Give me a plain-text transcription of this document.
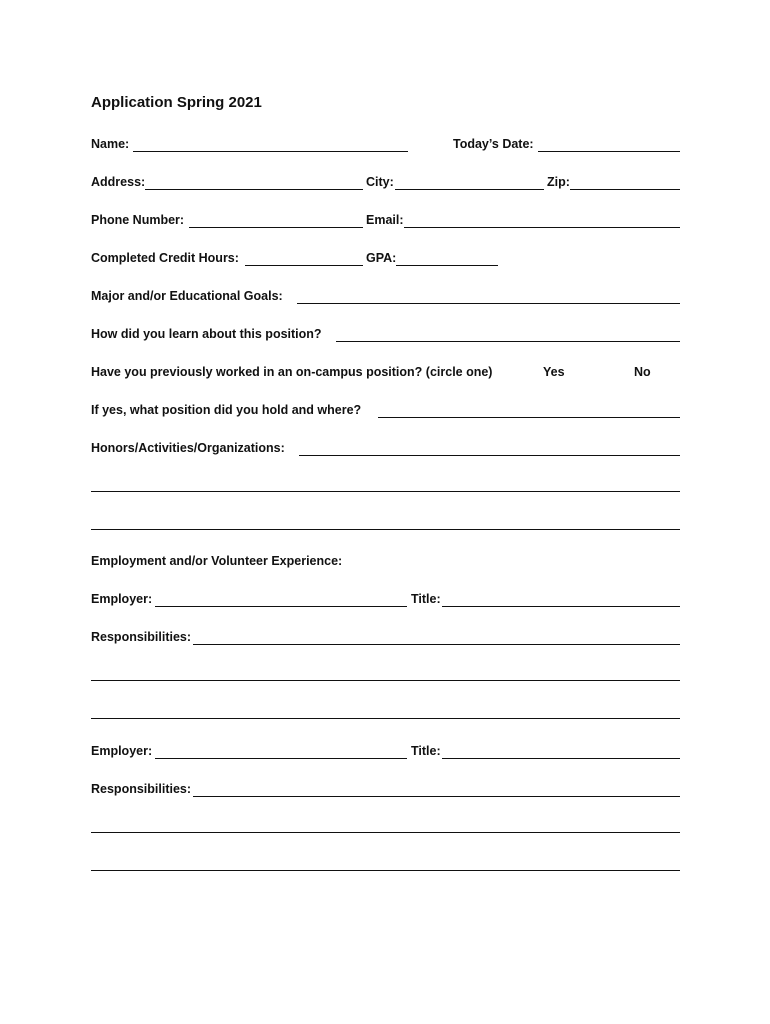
Application Spring 2021
Name:	Today’s Date:
Address:	City:	Zip:
Phone Number:	Email:
Completed Credit Hours:	GPA:
Major and/or Educational Goals:
How did you learn about this position?
Have you previously worked in an on-campus position? (circle one)	Yes	No
If yes, what position did you hold and where?
Honors/Activities/Organizations:
Employment and/or Volunteer Experience:
Employer:	Title:
Responsibilities:
Employer:	Title:
Responsibilities:
